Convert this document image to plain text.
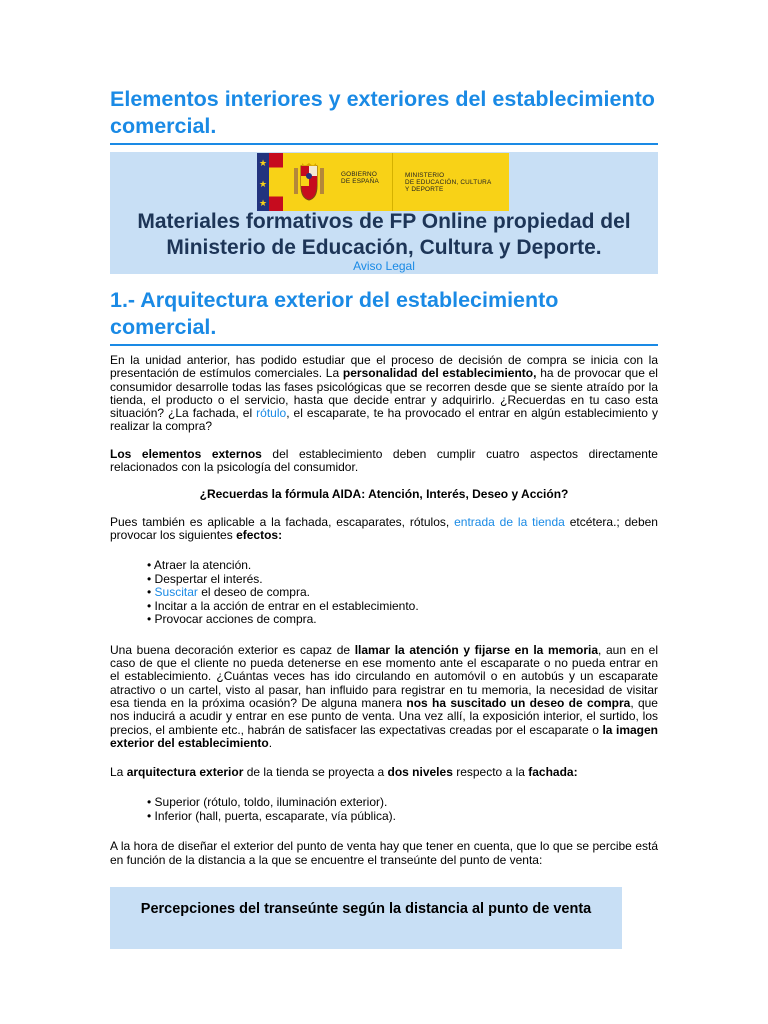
Elementos interiores y exteriores del establecimiento comercial.
★
★
★
GOBIERNO
DE ESPAÑA
MINISTERIO
DE EDUCACIÓN, CULTURA
Y DEPORTE
Materiales formativos de FP Online propiedad del Ministerio de Educación, Cultura y Deporte.
Aviso Legal
1.- Arquitectura exterior del establecimiento comercial.

En la unidad anterior, has podido estudiar que el proceso de decisión de compra se inicia con la presentación de estímulos comerciales. La personalidad del establecimiento, ha de provocar que el consumidor desarrolle todas las fases psicológicas que se recorren desde que se siente atraído por la tienda, el producto o el servicio, hasta que decide entrar y adquirirlo. ¿Recuerdas en tu caso esta situación? ¿La fachada, el rótulo, el escaparate, te ha provocado el entrar en algún establecimiento y realizar la compra?

Los elementos externos del establecimiento deben cumplir cuatro aspectos directamente relacionados con la psicología del consumidor.

¿Recuerdas la fórmula AIDA: Atención, Interés, Deseo y Acción?

Pues también es aplicable a la fachada, escaparates, rótulos, entrada de la tienda etcétera.; deben provocar los siguientes efectos:

• Atraer la atención.
• Despertar el interés.
• Suscitar el deseo de compra.
• Incitar a la acción de entrar en el establecimiento.
• Provocar acciones de compra.

Una buena decoración exterior es capaz de llamar la atención y fijarse en la memoria, aun en el caso de que el cliente no pueda detenerse en ese momento ante el escaparate o no pueda entrar en el establecimiento. ¿Cuántas veces has ido circulando en automóvil o en autobús y un escaparate atractivo o un cartel, visto al pasar, han influido para registrar en tu memoria, la necesidad de visitar esa tienda en la próxima ocasión? De alguna manera nos ha suscitado un deseo de compra, que nos inducirá a acudir y entrar en ese punto de venta. Una vez allí, la exposición interior, el surtido, los precios, el ambiente etc., habrán de satisfacer las expectativas creadas por el escaparate o la imagen exterior del establecimiento.

La arquitectura exterior de la tienda se proyecta a dos niveles respecto a la fachada:

• Superior (rótulo, toldo, iluminación exterior).
• Inferior (hall, puerta, escaparate, vía pública).

A la hora de diseñar el exterior del punto de venta hay que tener en cuenta, que lo que se percibe está en función de la distancia a la que se encuentre el transeúnte del punto de venta:

Percepciones del transeúnte según la distancia al punto de venta
